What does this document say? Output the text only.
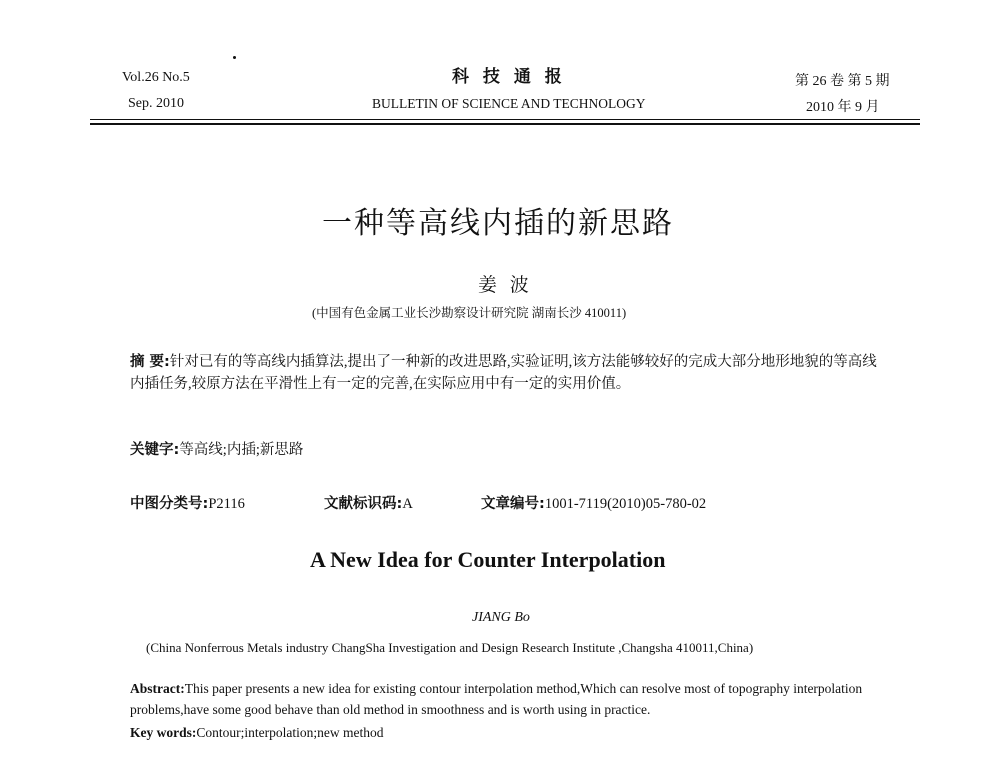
Vol.26 No.5
Sep. 2010
科 技 通 报
BULLETIN OF SCIENCE AND TECHNOLOGY
第 26 卷 第 5 期
2010 年 9 月
一种等高线内插的新思路
姜 波
(中国有色金属工业长沙勘察设计研究院 湖南长沙 410011)
摘 要:针对已有的等高线内插算法,提出了一种新的改进思路,实验证明,该方法能够较好的完成大部分地形地貌的等高线内插任务,较原方法在平滑性上有一定的完善,在实际应用中有一定的实用价值。
关键字:等高线;内插;新思路
中图分类号:P2116	文献标识码:A	文章编号:1001-7119(2010)05-780-02
A New Idea for Counter Interpolation
JIANG Bo
(China Nonferrous Metals industry ChangSha Investigation and Design Research Institute ,Changsha 410011,China)
Abstract:This paper presents a new idea for existing contour interpolation method,Which can resolve most of topography interpolation problems,have some good behave than old method in smoothness and is worth using in practice.
Key words:Contour;interpolation;new method
